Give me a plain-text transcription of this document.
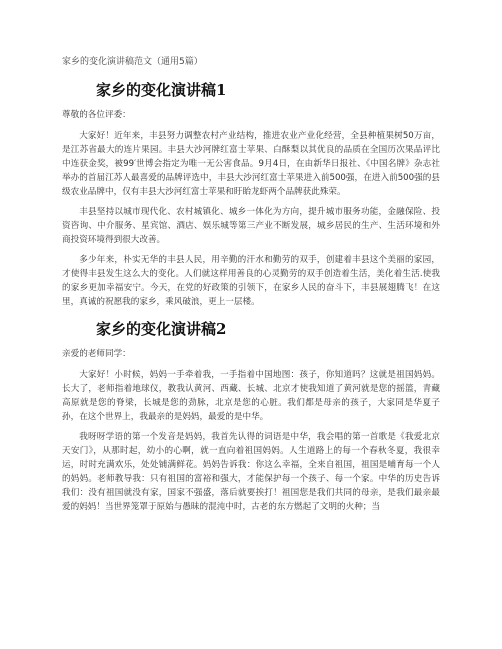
家乡的变化演讲稿范文（通用5篇）
家乡的变化演讲稿1
尊敬的各位评委：

大家好！近年来，丰县努力调整农村产业结构，推进农业产业化经营，全县种植果树50万亩，是江苏省最大的连片果园。丰县大沙河牌红富士苹果、白酥梨以其优良的品质在全国历次果品评比中连获金奖，被99′世博会指定为唯一无公害食品。9月4日，在由新华日报社、《中国名牌》杂志社举办的首届江苏人最喜爱的品牌评选中，丰县大沙河红富士苹果进入前500强，在进入前500强的县级农业品牌中，仅有丰县大沙河红富士苹果和盱眙龙虾两个品牌获此殊荣。

丰县坚持以城市现代化、农村城镇化、城乡一体化为方向，提升城市服务功能，金融保险、投资咨询、中介服务、星宾馆、酒店、娱乐城等第三产业不断发展，城乡居民的生产、生活环境和外商投资环境得到很大改善。

多少年来，朴实无华的丰县人民，用辛勤的汗水和勤劳的双手，创建着丰县这个美丽的家园，才使得丰县发生这么大的变化。人们就这样用善良的心灵勤劳的双手创造着生活，美化着生活.使我的家乡更加幸福安宁。今天，在党的好政策的引领下，在家乡人民的奋斗下，丰县展翅腾飞！在这里，真诚的祝愿我的家乡，乘风破浪，更上一层楼。

家乡的变化演讲稿2
亲爱的老师同学：

大家好！小时候，妈妈一手牵着我，一手指着中国地图：孩子，你知道吗？这就是祖国妈妈。长大了，老师指着地球仪，教我认黄河、西藏、长城、北京才使我知道了黄河就是您的摇篮，青藏高原就是您的脊梁，长城是您的劲脉，北京是您的心脏。我们都是母亲的孩子，大家同是华夏子孙，在这个世界上，我最亲的是妈妈，最爱的是中华。

我呀呀学语的第一个发音是妈妈，我首先认得的词语是中华，我会唱的第一首歌是《我爱北京天安门》，从那时起，幼小的心啊，就一直向着祖国妈妈。人生道路上的每一个春秋冬夏，我很幸运，时时充满欢乐，处处铺满鲜花。妈妈告诉我：你这么幸福，全来自祖国，祖国是哺育每一个人的妈妈。老师教导我：只有祖国的富裕和强大，才能保护每一个孩子、每一个家。中华的历史告诉我们：没有祖国就没有家，国家不强盛，落后就要挨打！祖国您是我们共同的母亲，是我们最亲最爱的妈妈！当世界笼罩于原始与愚昧的混沌中时，古老的东方燃起了文明的火种；当
